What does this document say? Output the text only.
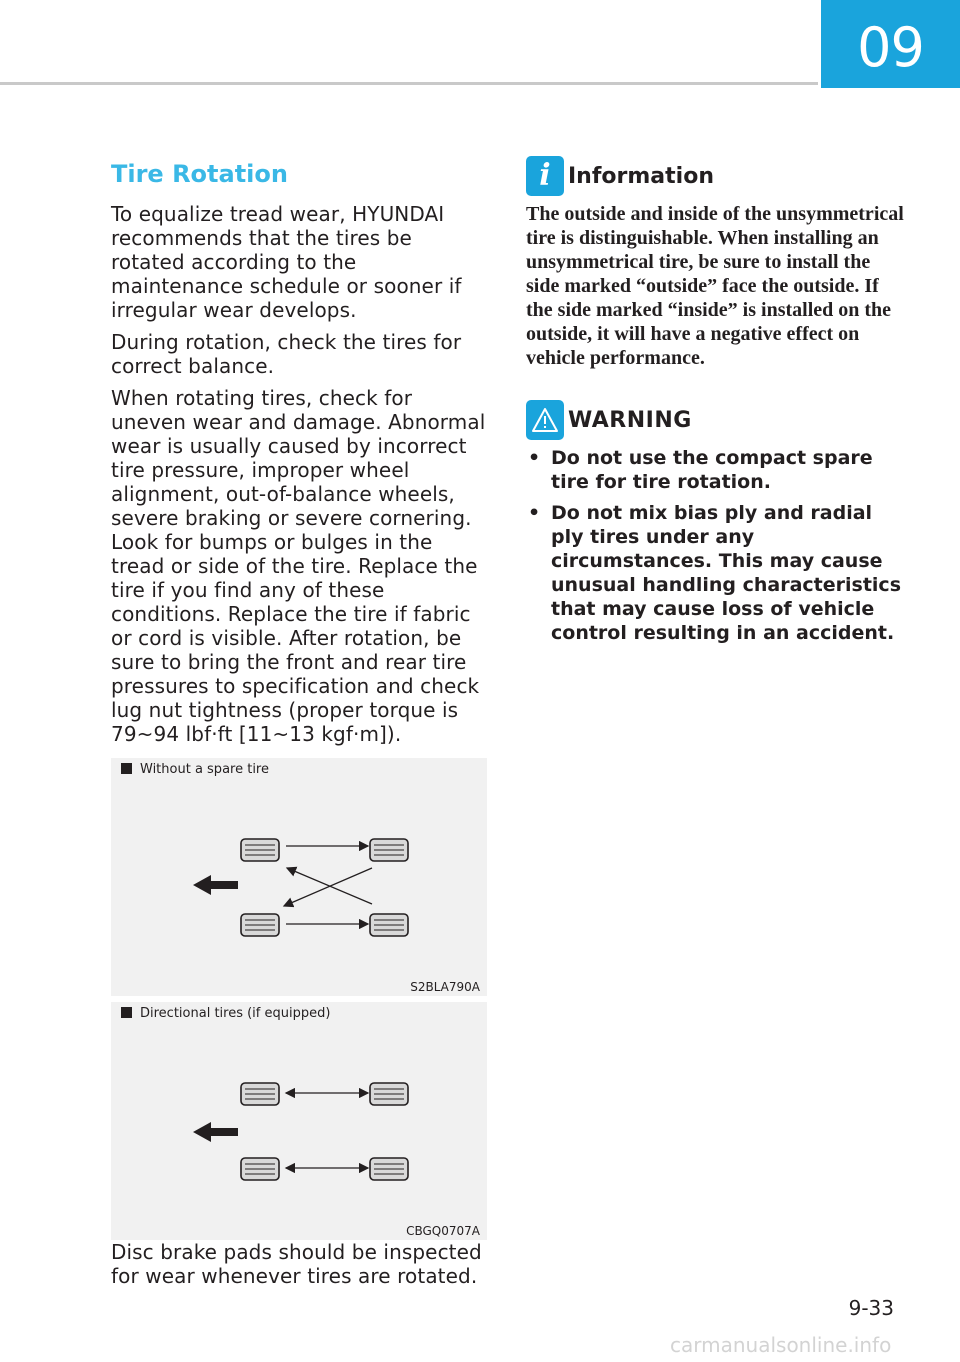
09
Tire Rotation

To equalize tread wear, HYUNDAI recommends that the tires be rotated according to the maintenance schedule or sooner if irregular wear develops.

During rotation, check the tires for correct balance.

When rotating tires, check for uneven wear and damage. Abnormal wear is usually caused by incorrect tire pressure, improper wheel alignment, out-of-balance wheels, severe braking or severe cornering. Look for bumps or bulges in the tread or side of the tire. Replace the tire if you find any of these conditions. Replace the tire if fabric or cord is visible. After rotation, be sure to bring the front and rear tire pressures to specification and check lug nut tightness (proper torque is 79~94 lbf·ft [11~13 kgf·m]).

Without a spare tire
S2BLA790A
Directional tires (if equipped)
CBGQ0707A

Disc brake pads should be inspected for wear whenever tires are rotated.

i Information

The outside and inside of the unsymmetrical tire is distinguishable. When installing an unsymmetrical tire, be sure to install the side marked “outside” face the outside. If the side marked “inside” is installed on the outside, it will have a negative effect on vehicle performance.

WARNING
• Do not use the compact spare tire for tire rotation.
• Do not mix bias ply and radial ply tires under any circumstances. This may cause unusual handling characteristics that may cause loss of vehicle control resulting in an accident.
9-33
carmanualsonline.info
